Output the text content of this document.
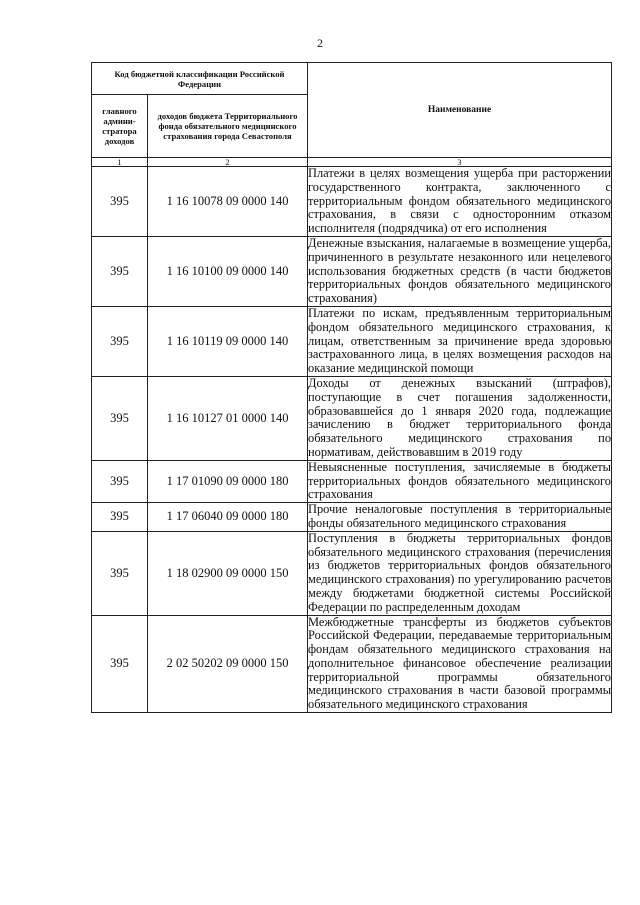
2
Код бюджетной классификации Российской Федерации		Наименование
главного админи- стратора доходов	доходов бюджета Территориального фонда обязательного медицинского страхования города Севастополя	
1	2	3
395	1 16 10078 09 0000 140	Платежи в целях возмещения ущерба при расторжении государственного контракта, заключенного с территориальным фондом обязательного медицинского страхования, в связи с односторонним отказом исполнителя (подрядчика) от его исполнения
395	1 16 10100 09 0000 140	Денежные взыскания, налагаемые в возмещение ущерба, причиненного в результате незаконного или нецелевого использования бюджетных средств (в части бюджетов территориальных фондов обязательного медицинского страхования)
395	1 16 10119 09 0000 140	Платежи по искам, предъявленным территориальным фондом обязательного медицинского страхования, к лицам, ответственным за причинение вреда здоровью застрахованного лица, в целях возмещения расходов на оказание медицинской помощи
395	1 16 10127 01 0000 140	Доходы от денежных взысканий (штрафов), поступающие в счет погашения задолженности, образовавшейся до 1 января 2020 года, подлежащие зачислению в бюджет территориального фонда обязательного медицинского страхования по нормативам, действовавшим в 2019 году
395	1 17 01090 09 0000 180	Невыясненные поступления, зачисляемые в бюджеты территориальных фондов обязательного медицинского страхования
395	1 17 06040 09 0000 180	Прочие неналоговые поступления в территориальные фонды обязательного медицинского страхования
395	1 18 02900 09 0000 150	Поступления в бюджеты территориальных фондов обязательного медицинского страхования (перечисления из бюджетов территориальных фондов обязательного медицинского страхования) по урегулированию расчетов между бюджетами бюджетной системы Российской Федерации по распределенным доходам
395	2 02 50202 09 0000 150	Межбюджетные трансферты из бюджетов субъектов Российской Федерации, передаваемые территориальным фондам обязательного медицинского страхования на дополнительное финансовое обеспечение реализации территориальной программы обязательного медицинского страхования в части базовой программы обязательного медицинского страхования
